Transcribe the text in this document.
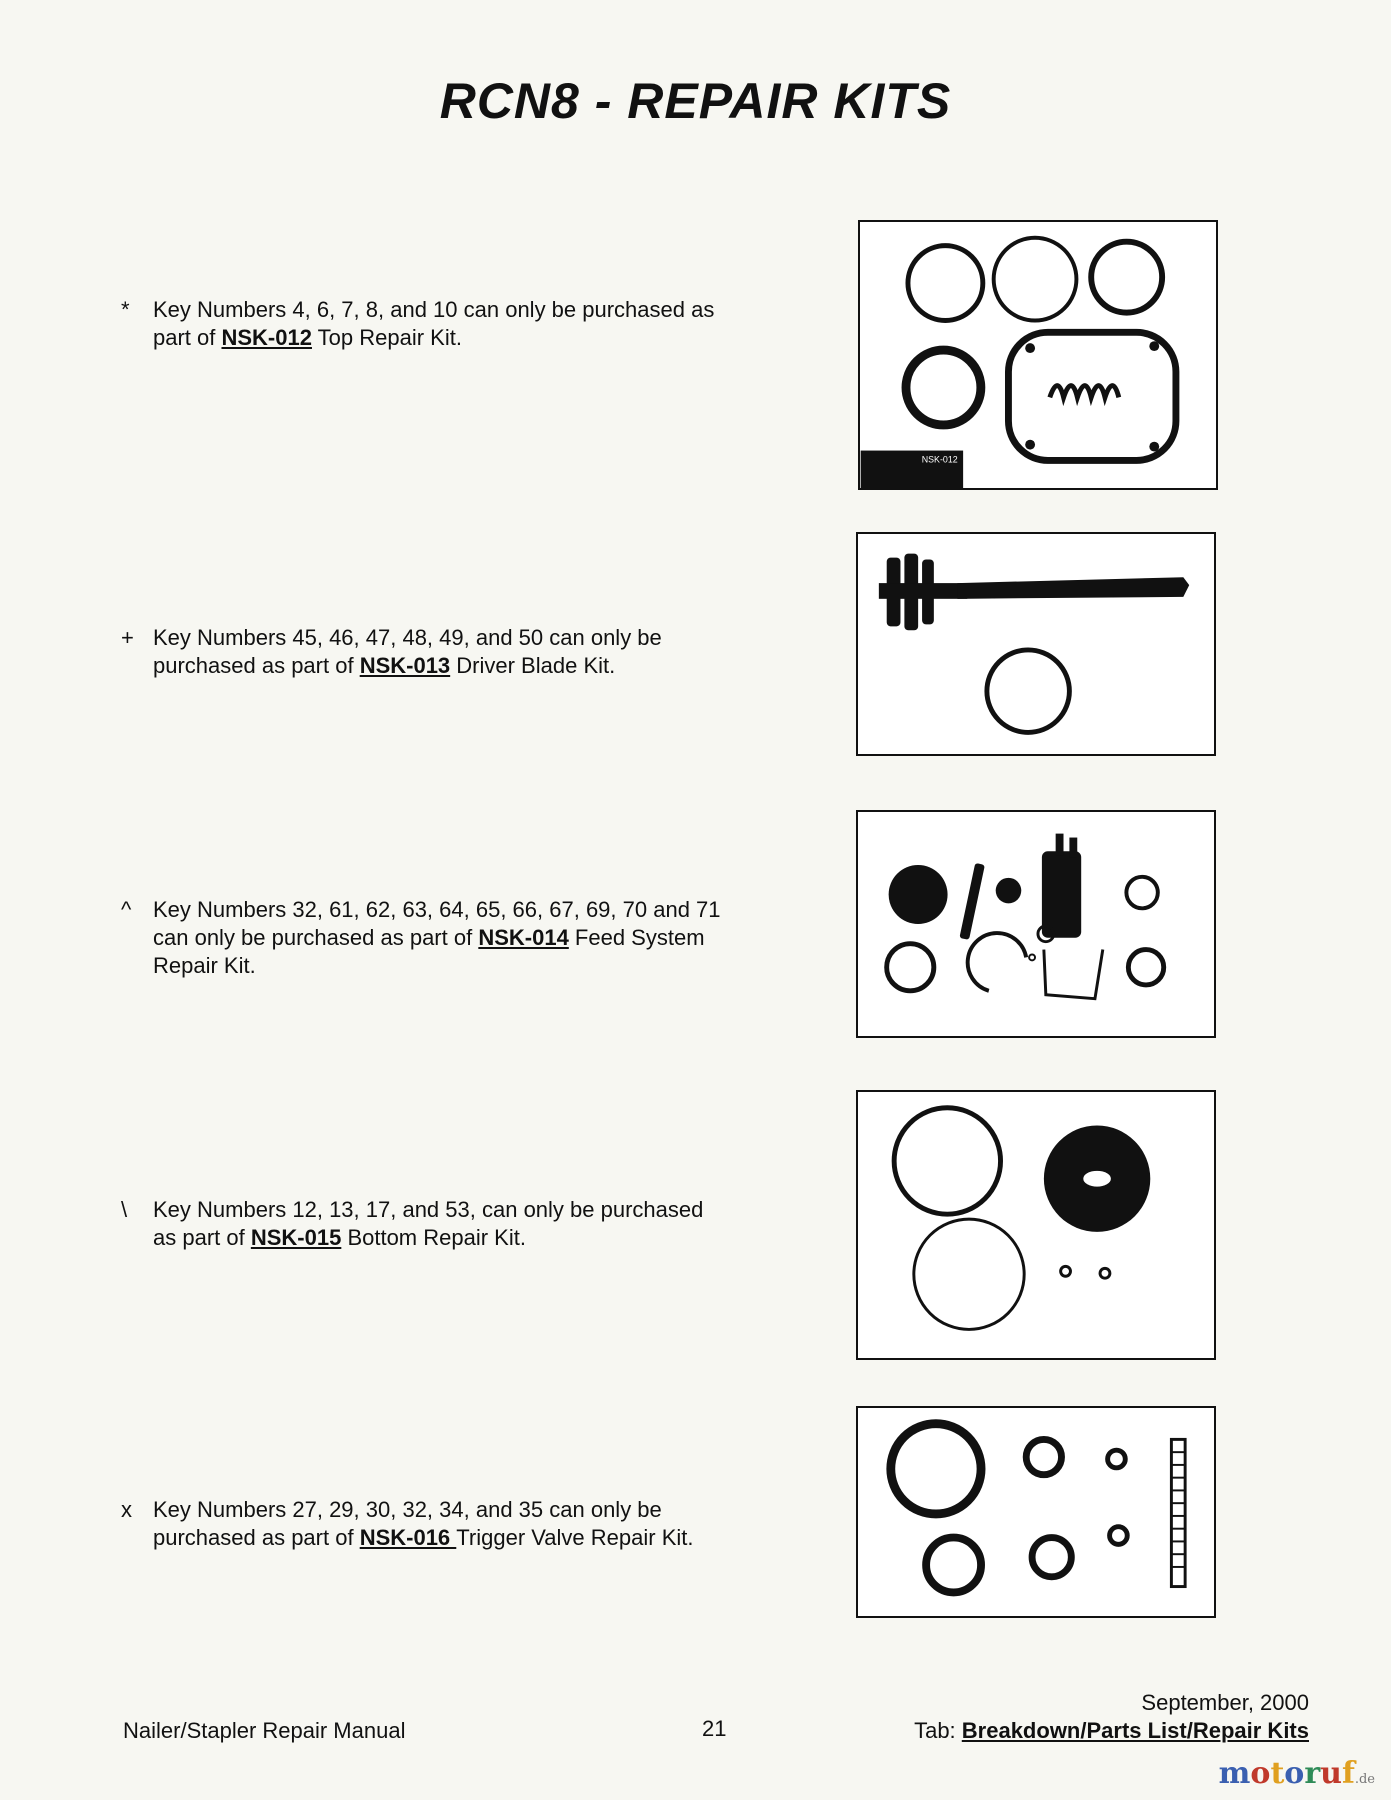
RCN8 - REPAIR KITS
*	Key Numbers 4, 6, 7, 8, and 10 can only be purchased as part of NSK-012 Top Repair Kit.
+ Key Numbers 45, 46, 47, 48, 49, and 50 can only be purchased as part of NSK-013 Driver Blade Kit.
^ Key Numbers 32, 61, 62, 63, 64, 65, 66, 67, 69, 70 and 71 can only be purchased as part of NSK-014 Feed System Repair Kit.
\	Key Numbers 12, 13, 17, and 53, can only be purchased as part of NSK-015 Bottom Repair Kit.
x Key Numbers 27, 29, 30, 32, 34, and 35 can only be purchased as part of NSK-016 Trigger Valve Repair Kit.
NSK-012
Nailer/Stapler Repair Manual	21
September, 2000
Tab: Breakdown/Parts List/Repair Kits
motoruf.de
